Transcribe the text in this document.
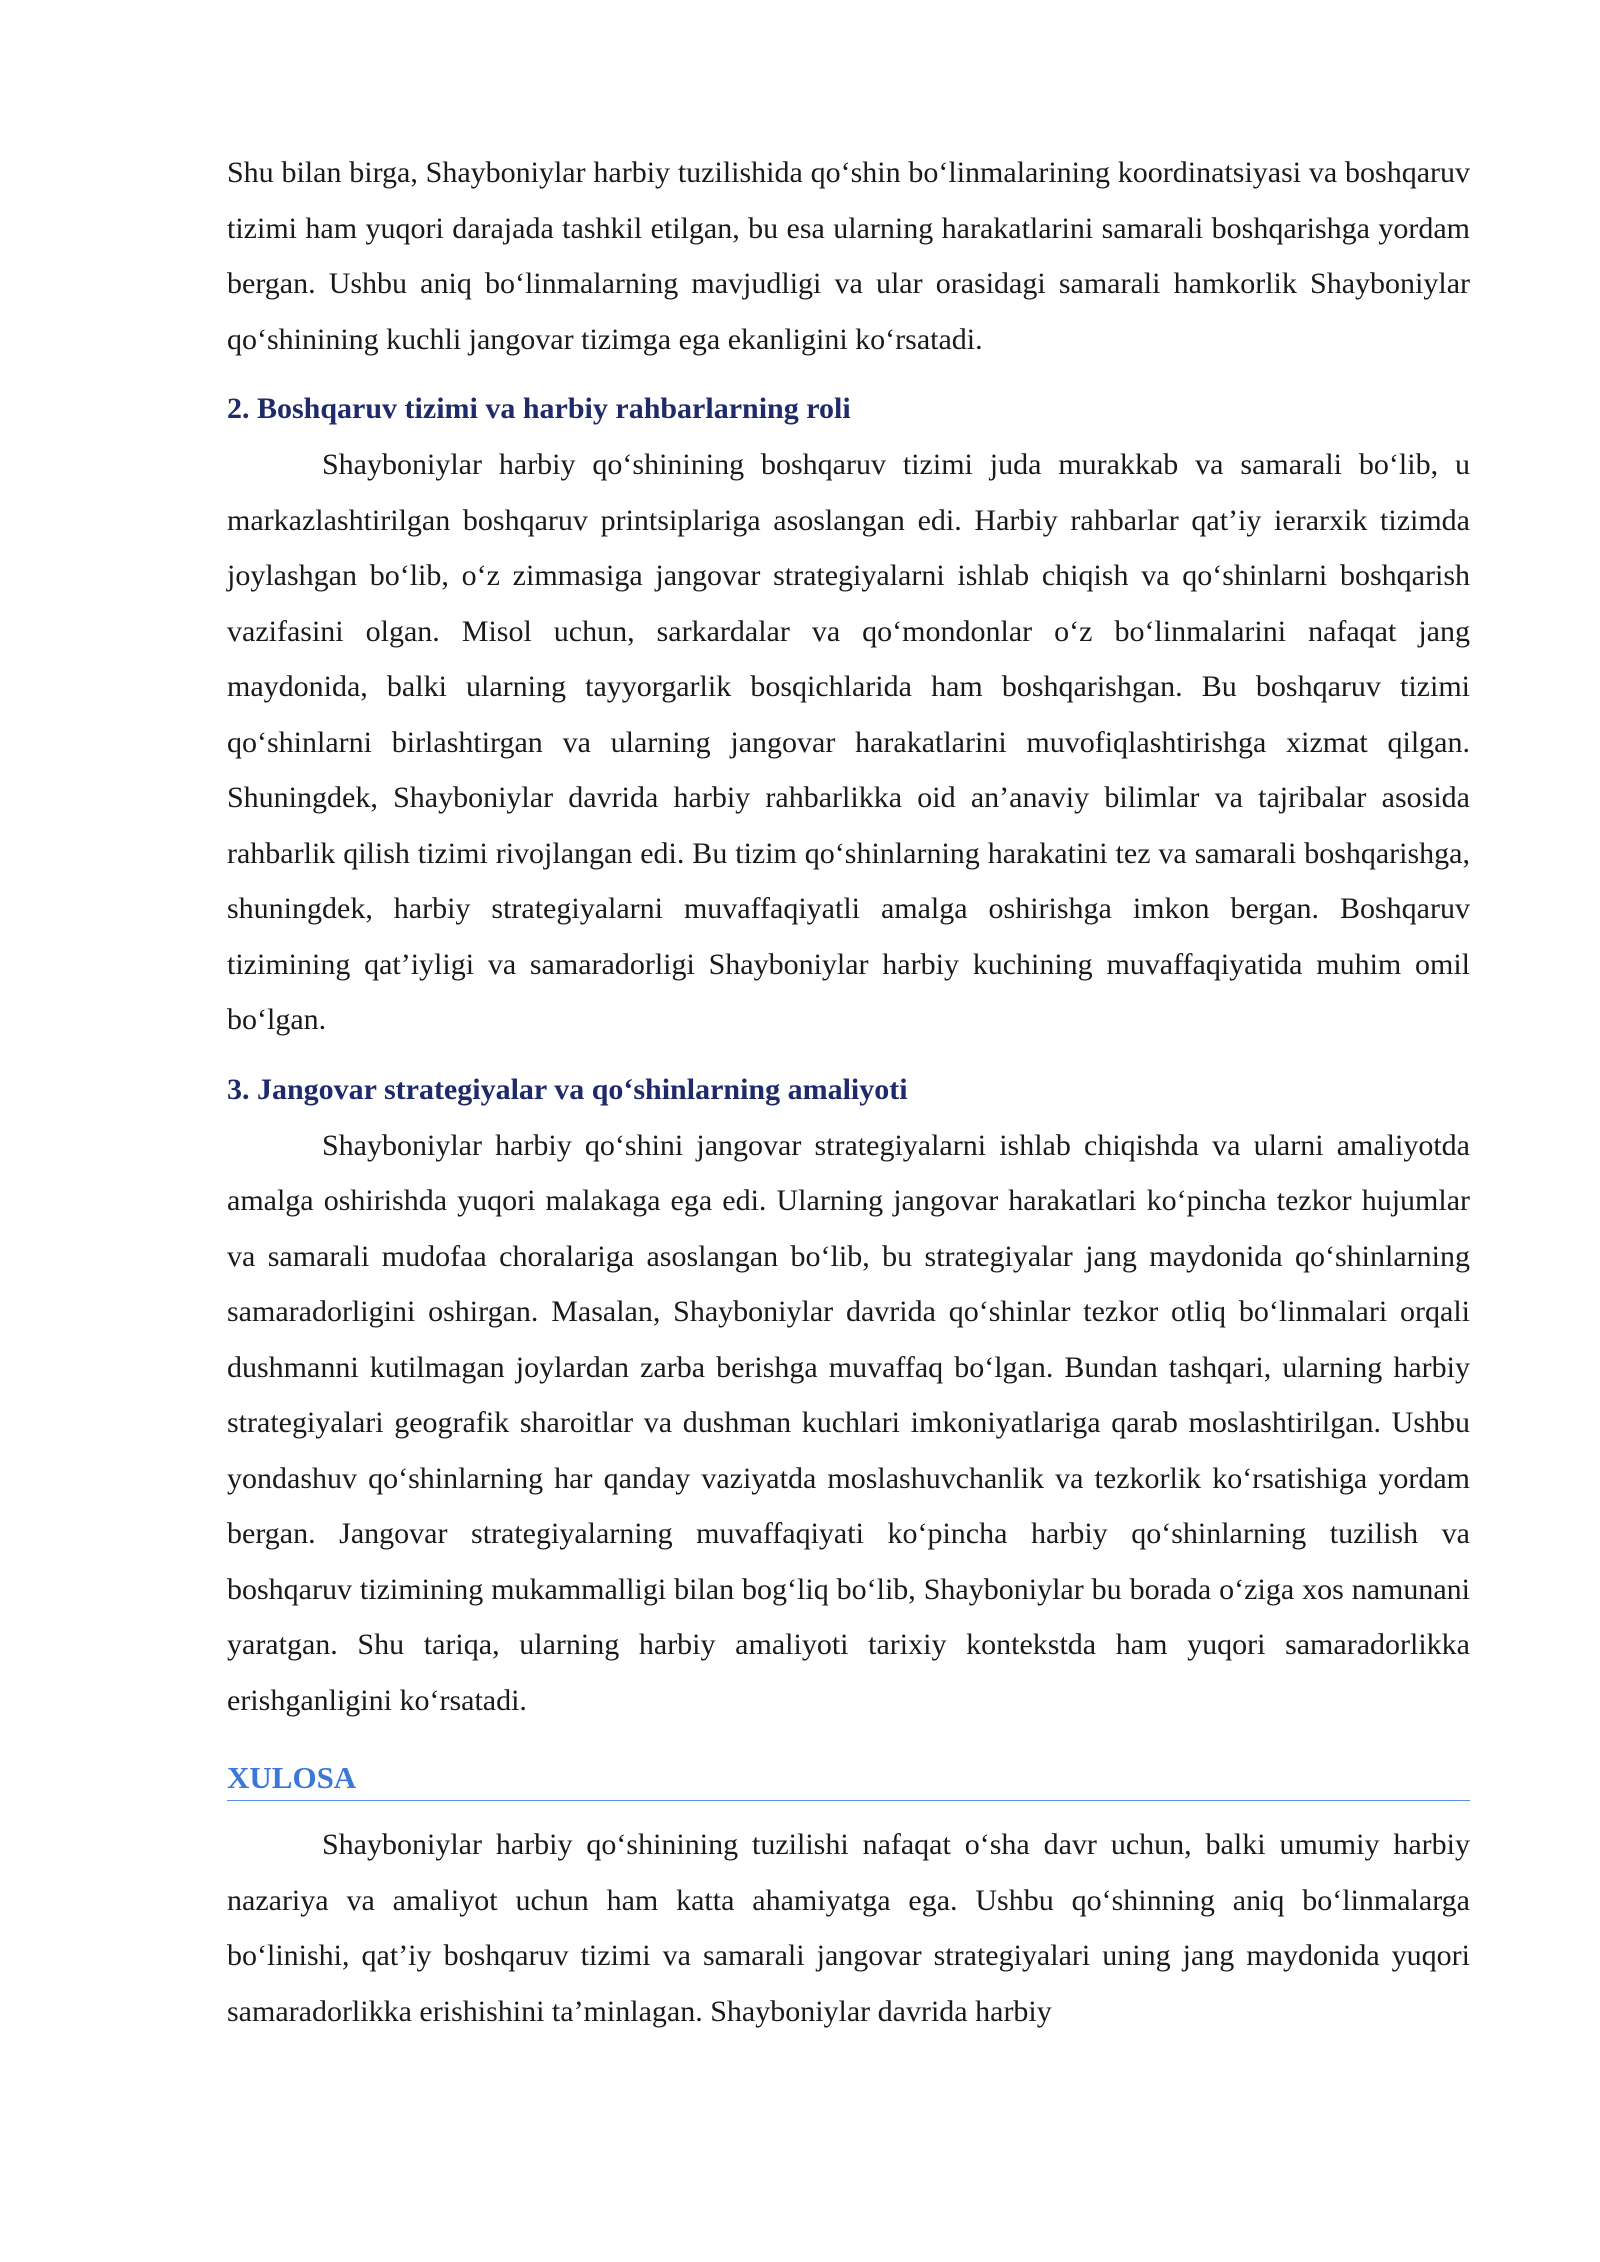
Shu bilan birga, Shayboniylar harbiy tuzilishida qo‘shin bo‘linmalarining koordinatsiyasi va boshqaruv tizimi ham yuqori darajada tashkil etilgan, bu esa ularning harakatlarini samarali boshqarishga yordam bergan. Ushbu aniq bo‘linmalarning mavjudligi va ular orasidagi samarali hamkorlik Shayboniylar qo‘shinining kuchli jangovar tizimga ega ekanligini ko‘rsatadi.

2. Boshqaruv tizimi va harbiy rahbarlarning roli

Shayboniylar harbiy qo‘shinining boshqaruv tizimi juda murakkab va samarali bo‘lib, u markazlashtirilgan boshqaruv printsiplariga asoslangan edi. Harbiy rahbarlar qat’iy ierarxik tizimda joylashgan bo‘lib, o‘z zimmasiga jangovar strategiyalarni ishlab chiqish va qo‘shinlarni boshqarish vazifasini olgan. Misol uchun, sarkardalar va qo‘mondonlar o‘z bo‘linmalarini nafaqat jang maydonida, balki ularning tayyorgarlik bosqichlarida ham boshqarishgan. Bu boshqaruv tizimi qo‘shinlarni birlashtirgan va ularning jangovar harakatlarini muvofiqlashtirishga xizmat qilgan. Shuningdek, Shayboniylar davrida harbiy rahbarlikka oid an’anaviy bilimlar va tajribalar asosida rahbarlik qilish tizimi rivojlangan edi. Bu tizim qo‘shinlarning harakatini tez va samarali boshqarishga, shuningdek, harbiy strategiyalarni muvaffaqiyatli amalga oshirishga imkon bergan. Boshqaruv tizimining qat’iyligi va samaradorligi Shayboniylar harbiy kuchining muvaffaqiyatida muhim omil bo‘lgan.

3. Jangovar strategiyalar va qo‘shinlarning amaliyoti

Shayboniylar harbiy qo‘shini jangovar strategiyalarni ishlab chiqishda va ularni amaliyotda amalga oshirishda yuqori malakaga ega edi. Ularning jangovar harakatlari ko‘pincha tezkor hujumlar va samarali mudofaa choralariga asoslangan bo‘lib, bu strategiyalar jang maydonida qo‘shinlarning samaradorligini oshirgan. Masalan, Shayboniylar davrida qo‘shinlar tezkor otliq bo‘linmalari orqali dushmanni kutilmagan joylardan zarba berishga muvaffaq bo‘lgan. Bundan tashqari, ularning harbiy strategiyalari geografik sharoitlar va dushman kuchlari imkoniyatlariga qarab moslashtirilgan. Ushbu yondashuv qo‘shinlarning har qanday vaziyatda moslashuvchanlik va tezkorlik ko‘rsatishiga yordam bergan. Jangovar strategiyalarning muvaffaqiyati ko‘pincha harbiy qo‘shinlarning tuzilish va boshqaruv tizimining mukammalligi bilan bog‘liq bo‘lib, Shayboniylar bu borada o‘ziga xos namunani yaratgan. Shu tariqa, ularning harbiy amaliyoti tarixiy kontekstda ham yuqori samaradorlikka erishganligini ko‘rsatadi.

XULOSA

Shayboniylar harbiy qo‘shinining tuzilishi nafaqat o‘sha davr uchun, balki umumiy harbiy nazariya va amaliyot uchun ham katta ahamiyatga ega. Ushbu qo‘shinning aniq bo‘linmalarga bo‘linishi, qat’iy boshqaruv tizimi va samarali jangovar strategiyalari uning jang maydonida yuqori samaradorlikka erishishini ta’minlagan. Shayboniylar davrida harbiy
